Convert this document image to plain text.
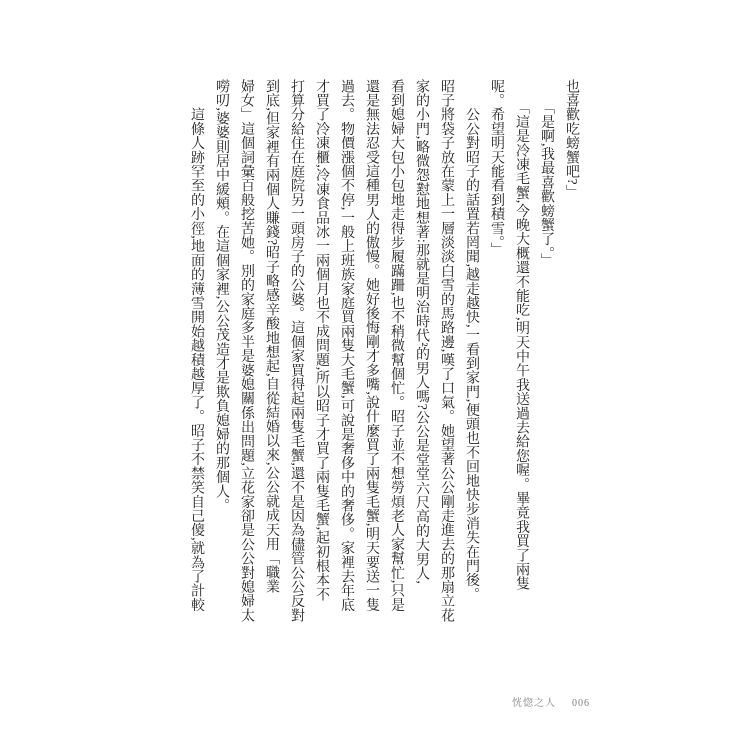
也喜歡吃螃蟹吧?」
　　「是啊,我最喜歡螃蟹了。」
　　「這是冷凍毛蟹,今晚大概還不能吃,明天中午我送過去給您喔。畢竟我買了兩隻
呢。希望明天能看到積雪。」
　　公公對昭子的話置若罔聞,越走越快,一看到家門,便頭也不回地快步消失在門後。
昭子將袋子放在蒙上一層淡淡白雪的馬路邊,嘆了口氣。她望著公公剛走進去的那扇立花
家的小門,略微怨懟地想著:那就是明治時代²的男人嗎?公公是堂堂六尺高的大男人,
看到媳婦大包小包地走得步履蹣跚,也不稍微幫個忙。昭子並不想勞煩老人家幫忙,只是
還是無法忍受這種男人的傲慢。她好後悔剛才多嘴,說什麼買了兩隻毛蟹,明天要送一隻
過去。物價漲個不停,一般上班族家庭買兩隻大毛蟹,可說是奢侈中的奢侈。家裡去年底
才買了冷凍櫃,冷凍食品冰一兩個月也不成問題,所以昭子才買了兩隻毛蟹,起初根本不
打算分給住在庭院另一頭房子的公婆。這個家買得起兩隻毛蟹,還不是因為儘管公公反對
到底,但家裡有兩個人賺錢?昭子略感辛酸地想起,自從結婚以來,公公就成天用「職業
婦女」這個詞彙百般挖苦她。別的家庭多半是婆媳關係出問題,立花家卻是公公對媳婦太
嘮叨,婆婆則居中緩頰。在這個家裡,公公茂造才是欺負媳婦的那個人。
　　這條人跡罕至的小徑,地面的薄雪開始越積越厚了。昭子不禁笑自己傻,就為了計較
恍惚之人 006
